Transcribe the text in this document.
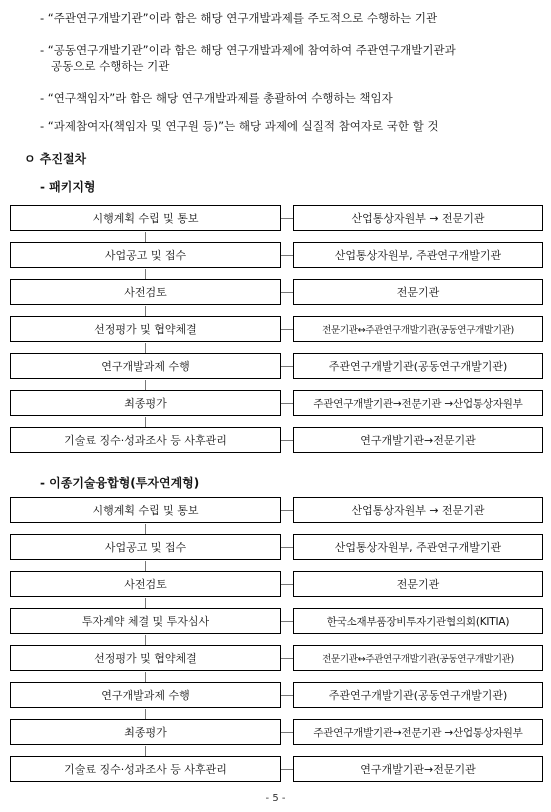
- “주관연구개발기관”이라 함은 해당 연구개발과제를 주도적으로 수행하는 기관
- “공동연구개발기관”이라 함은 해당 연구개발과제에 참여하여 주관연구개발기관과
공동으로 수행하는 기관
- “연구책임자”라 함은 해당 연구개발과제를 총괄하여 수행하는 책임자
- “과제참여자(책임자 및 연구원 등)”는 해당 과제에 실질적 참여자로 국한 할 것
ㅇ 추진절차
- 패키지형
시행계획 수립 및 통보	산업통상자원부 → 전문기관
사업공고 및 접수	산업통상자원부, 주관연구개발기관
사전검토	전문기관
선정평가 및 협약체결	전문기관↔주관연구개발기관(공동연구개발기관)
연구개발과제 수행	주관연구개발기관(공동연구개발기관)
최종평가	주관연구개발기관→전문기관 →산업통상자원부
기술료 징수·성과조사 등 사후관리	연구개발기관→전문기관
- 이종기술융합형(투자연계형)
시행계획 수립 및 통보	산업통상자원부 → 전문기관
사업공고 및 접수	산업통상자원부, 주관연구개발기관
사전검토	전문기관
투자계약 체결 및 투자심사	한국소재부품장비투자기관협의회(KITIA)
선정평가 및 협약체결	전문기관↔주관연구개발기관(공동연구개발기관)
연구개발과제 수행	주관연구개발기관(공동연구개발기관)
최종평가	주관연구개발기관→전문기관 →산업통상자원부
기술료 징수·성과조사 등 사후관리	연구개발기관→전문기관
- 5 -
